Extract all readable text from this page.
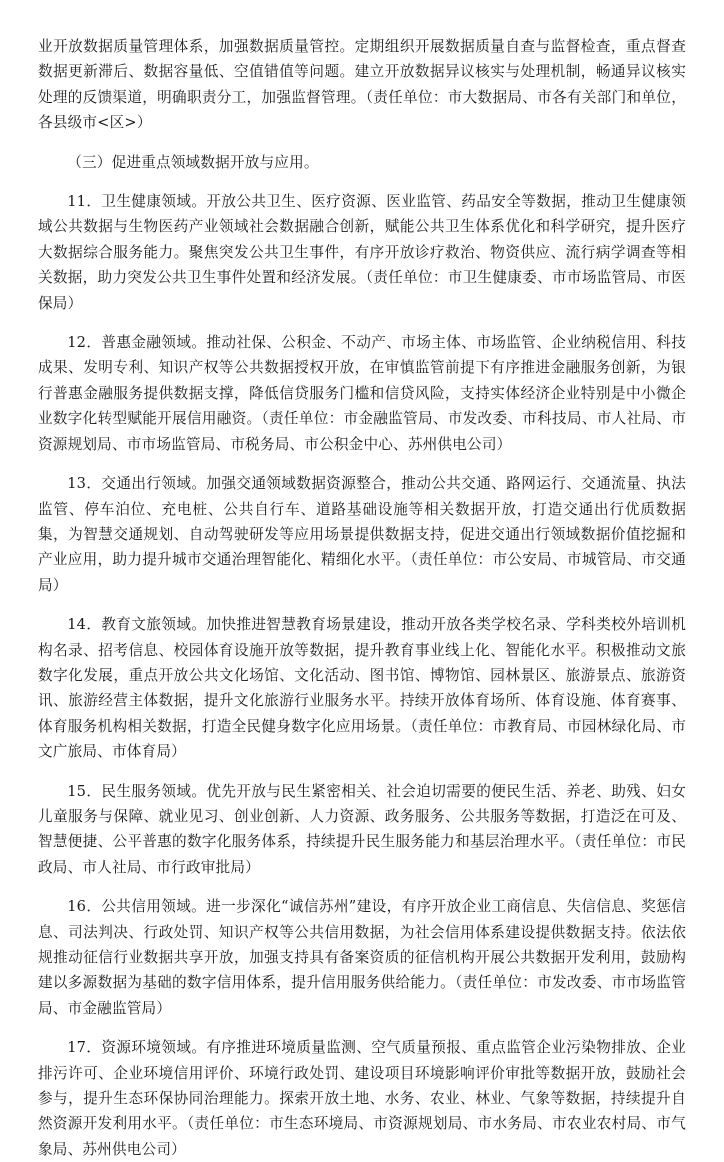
业开放数据质量管理体系，加强数据质量管控。定期组织开展数据质量自查与监督检查，重点督查数据更新滞后、数据容量低、空值错值等问题。建立开放数据异议核实与处理机制，畅通异议核实处理的反馈渠道，明确职责分工，加强监督管理。（责任单位：市大数据局、市各有关部门和单位，各县级市<区>）

（三）促进重点领域数据开放与应用。

11．卫生健康领域。开放公共卫生、医疗资源、医业监管、药品安全等数据，推动卫生健康领域公共数据与生物医药产业领域社会数据融合创新，赋能公共卫生体系优化和科学研究，提升医疗大数据综合服务能力。聚焦突发公共卫生事件，有序开放诊疗救治、物资供应、流行病学调查等相关数据，助力突发公共卫生事件处置和经济发展。（责任单位：市卫生健康委、市市场监管局、市医保局）

12．普惠金融领域。推动社保、公积金、不动产、市场主体、市场监管、企业纳税信用、科技成果、发明专利、知识产权等公共数据授权开放，在审慎监管前提下有序推进金融服务创新，为银行普惠金融服务提供数据支撑，降低信贷服务门槛和信贷风险，支持实体经济企业特别是中小微企业数字化转型赋能开展信用融资。（责任单位：市金融监管局、市发改委、市科技局、市人社局、市资源规划局、市市场监管局、市税务局、市公积金中心、苏州供电公司）

13．交通出行领域。加强交通领域数据资源整合，推动公共交通、路网运行、交通流量、执法监管、停车泊位、充电桩、公共自行车、道路基础设施等相关数据开放，打造交通出行优质数据集，为智慧交通规划、自动驾驶研发等应用场景提供数据支持，促进交通出行领域数据价值挖掘和产业应用，助力提升城市交通治理智能化、精细化水平。（责任单位：市公安局、市城管局、市交通局）

14．教育文旅领域。加快推进智慧教育场景建设，推动开放各类学校名录、学科类校外培训机构名录、招考信息、校园体育设施开放等数据，提升教育事业线上化、智能化水平。积极推动文旅数字化发展，重点开放公共文化场馆、文化活动、图书馆、博物馆、园林景区、旅游景点、旅游资讯、旅游经营主体数据，提升文化旅游行业服务水平。持续开放体育场所、体育设施、体育赛事、体育服务机构相关数据，打造全民健身数字化应用场景。（责任单位：市教育局、市园林绿化局、市文广旅局、市体育局）

15．民生服务领域。优先开放与民生紧密相关、社会迫切需要的便民生活、养老、助残、妇女儿童服务与保障、就业见习、创业创新、人力资源、政务服务、公共服务等数据，打造泛在可及、智慧便捷、公平普惠的数字化服务体系，持续提升民生服务能力和基层治理水平。（责任单位：市民政局、市人社局、市行政审批局）

16．公共信用领域。进一步深化“诚信苏州”建设，有序开放企业工商信息、失信信息、奖惩信息、司法判决、行政处罚、知识产权等公共信用数据，为社会信用体系建设提供数据支持。依法依规推动征信行业数据共享开放，加强支持具有备案资质的征信机构开展公共数据开发利用，鼓励构建以多源数据为基础的数字信用体系，提升信用服务供给能力。（责任单位：市发改委、市市场监管局、市金融监管局）

17．资源环境领域。有序推进环境质量监测、空气质量预报、重点监管企业污染物排放、企业排污许可、企业环境信用评价、环境行政处罚、建设项目环境影响评价审批等数据开放，鼓励社会参与，提升生态环保协同治理能力。探索开放土地、水务、农业、林业、气象等数据，持续提升自然资源开发利用水平。（责任单位：市生态环境局、市资源规划局、市水务局、市农业农村局、市气象局、苏州供电公司）
